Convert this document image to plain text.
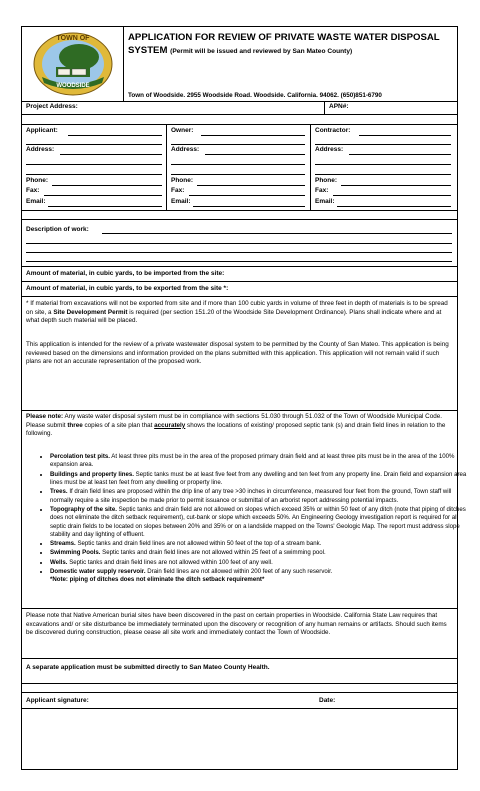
TOWN OF
WOODSIDE
APPLICATION FOR REVIEW OF PRIVATE WASTE WATER DISPOSAL SYSTEM (Permit will be issued and reviewed by San Mateo County)
Town of Woodside. 2955 Woodside Road. Woodside. California. 94062. (650)851-6790
Project Address:	APN#:
Applicant:
Address:
Phone:
Fax:
Email:
Owner:
Address:
Phone:
Fax:
Email:
Contractor:
Address:
Phone:
Fax:
Email:
Description of work:
Amount of material, in cubic yards, to be imported from the site:
Amount of material, in cubic yards, to be exported from the site *:
* If material from excavations will not be exported from site and if more than 100 cubic yards in volume of three feet in depth of materials is to be spread on site, a Site Development Permit is required (per section 151.20 of the Woodside Site Development Ordinance). Plans shall indicate where and at what depth such material will be placed.
This application is intended for the review of a private wastewater disposal system to be permitted by the County of San Mateo. This application is being reviewed based on the dimensions and information provided on the plans submitted with this application. This application will not remain valid if such plans are not an accurate representation of the proposed work.
Please note: Any waste water disposal system must be in compliance with sections 51.030 through 51.032 of the Town of Woodside Municipal Code. Please submit three copies of a site plan that accurately shows the locations of existing/ proposed septic tank (s) and drain field lines in relation to the following.
• Percolation test pits. At least three pits must be in the area of the proposed primary drain field and at least three pits must be in the area of the 100% expansion area.
• Buildings and property lines. Septic tanks must be at least five feet from any dwelling and ten feet from any property line. Drain field and expansion area lines must be at least ten feet from any dwelling or property line.
• Trees. If drain field lines are proposed within the drip line of any tree >30 inches in circumference, measured four feet from the ground, Town staff will normally require a site inspection be made prior to permit issuance or submittal of an arborist report addressing potential impacts.
• Topography of the site. Septic tanks and drain field are not allowed on slopes which exceed 35% or within 50 feet of any ditch (note that piping of ditches does not eliminate the ditch setback requirement), cut-bank or slope which exceeds 50%. An Engineering Geology investigation report is required for all septic drain fields to be located on slopes between 20% and 35% or on a landslide mapped on the Towns' Geologic Map. The report must address slope stability and day lighting of effluent.
• Streams. Septic tanks and drain field lines are not allowed within 50 feet of the top of a stream bank.
• Swimming Pools. Septic tanks and drain field lines are not allowed within 25 feet of a swimming pool.
• Wells. Septic tanks and drain field lines are not allowed within 100 feet of any well.
• Domestic water supply reservoir. Drain field lines are not allowed within 200 feet of any such reservoir.
*Note: piping of ditches does not eliminate the ditch setback requirement*
Please note that Native American burial sites have been discovered in the past on certain properties in Woodside. California State Law requires that excavations and/ or site disturbance be immediately terminated upon the discovery or recognition of any human remains or artifacts. Should such items be discovered during construction, please cease all site work and immediately contact the Town of Woodside.
A separate application must be submitted directly to San Mateo County Health.
Applicant signature:	Date:
